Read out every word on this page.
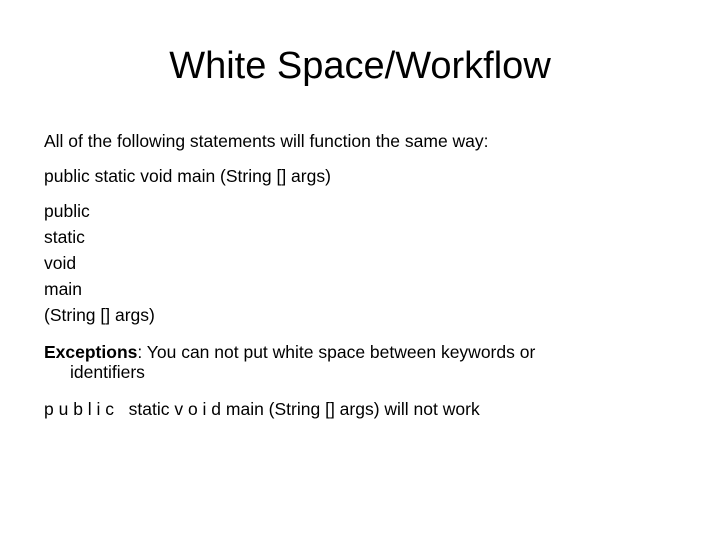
White Space/Workflow

All of the following statements will function the same way:

public static void main (String [] args)

public
static
void
main
(String [] args)

Exceptions: You can not put white space between keywords or
identifiers

p u b l i c   static v o i d main (String [] args) will not work
